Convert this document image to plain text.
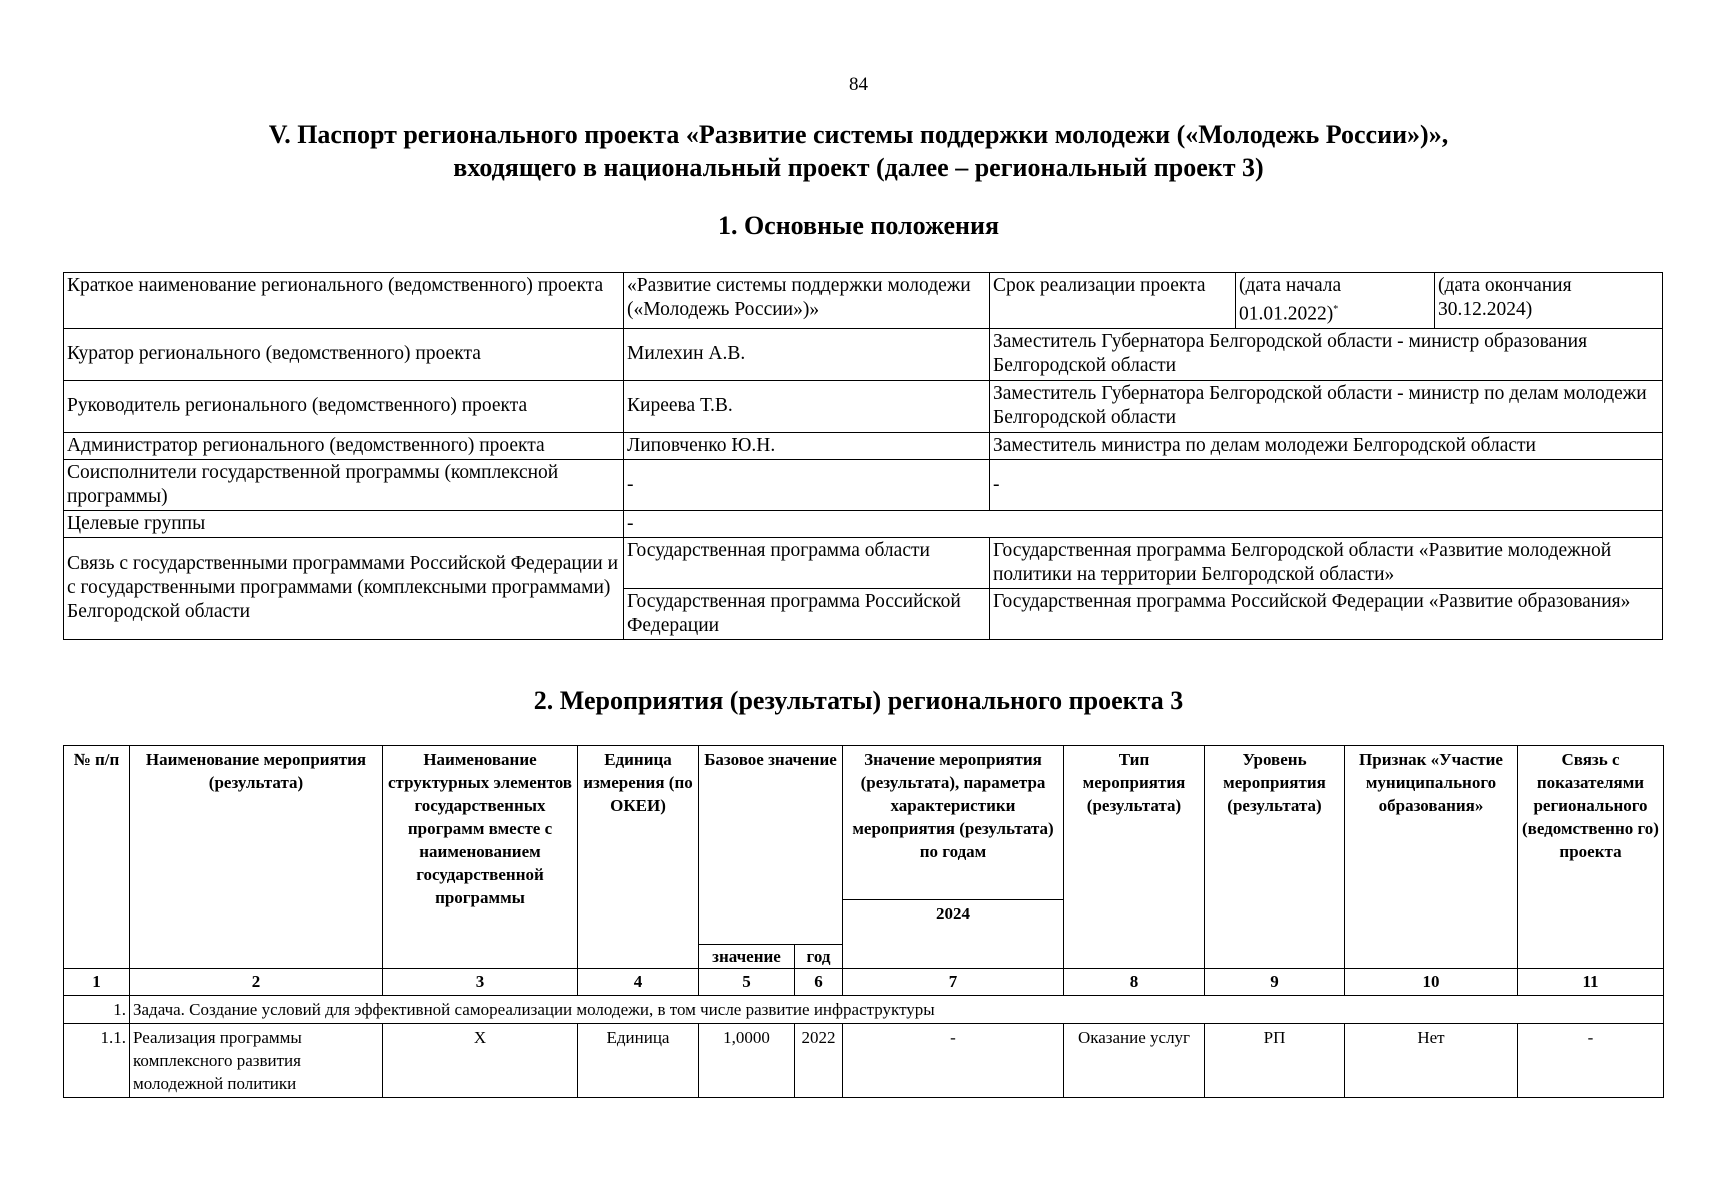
84
V. Паспорт регионального проекта «Развитие системы поддержки молодежи («Молодежь России»)»,
входящего в национальный проект (далее – региональный проект 3)
1. Основные положения
Краткое наименование регионального (ведомственного) проекта	«Развитие системы поддержки молодежи («Молодежь России»)»	Срок реализации проекта	(дата начала 01.01.2022)*	(дата окончания 30.12.2024)
Куратор регионального (ведомственного) проекта	Милехин А.В.	Заместитель Губернатора Белгородской области - министр образования Белгородской области		
Руководитель регионального (ведомственного) проекта	Киреева Т.В.	Заместитель Губернатора Белгородской области - министр по делам молодежи Белгородской области		
Администратор регионального (ведомственного) проекта	Липовченко Ю.Н.	Заместитель министра по делам молодежи Белгородской области		
Соисполнители государственной программы (комплексной программы)	-	-		
Целевые группы	-			
Связь с государственными программами Российской Федерации и с государственными программами (комплексными программами) Белгородской области	Государственная программа области	Государственная программа Белгородской области «Развитие молодежной политики на территории Белгородской области»		
	Государственная программа Российской Федерации	Государственная программа Российской Федерации «Развитие образования»		
2. Мероприятия (результаты) регионального проекта 3
№ п/п	Наименование мероприятия (результата)	Наименование структурных элементов государственных программ вместе с наименованием государственной программы	Единица измерения (по ОКЕИ)	Базовое значение		Значение мероприятия (результата), параметра характеристики мероприятия (результата) по годам	Тип мероприятия (результата)	Уровень мероприятия (результата)	Признак «Участие муниципального образования»	Связь с показателями регионального (ведомственно го) проекта
						2024				
				значение	год					
1	2	3	4	5	6	7	8	9	10	11
1.	Задача. Создание условий для эффективной самореализации молодежи, в том числе развитие инфраструктуры									
1.1.	Реализация программы комплексного развития молодежной политики	Х	Единица	1,0000	2022	-	Оказание услуг	РП	Нет	-
